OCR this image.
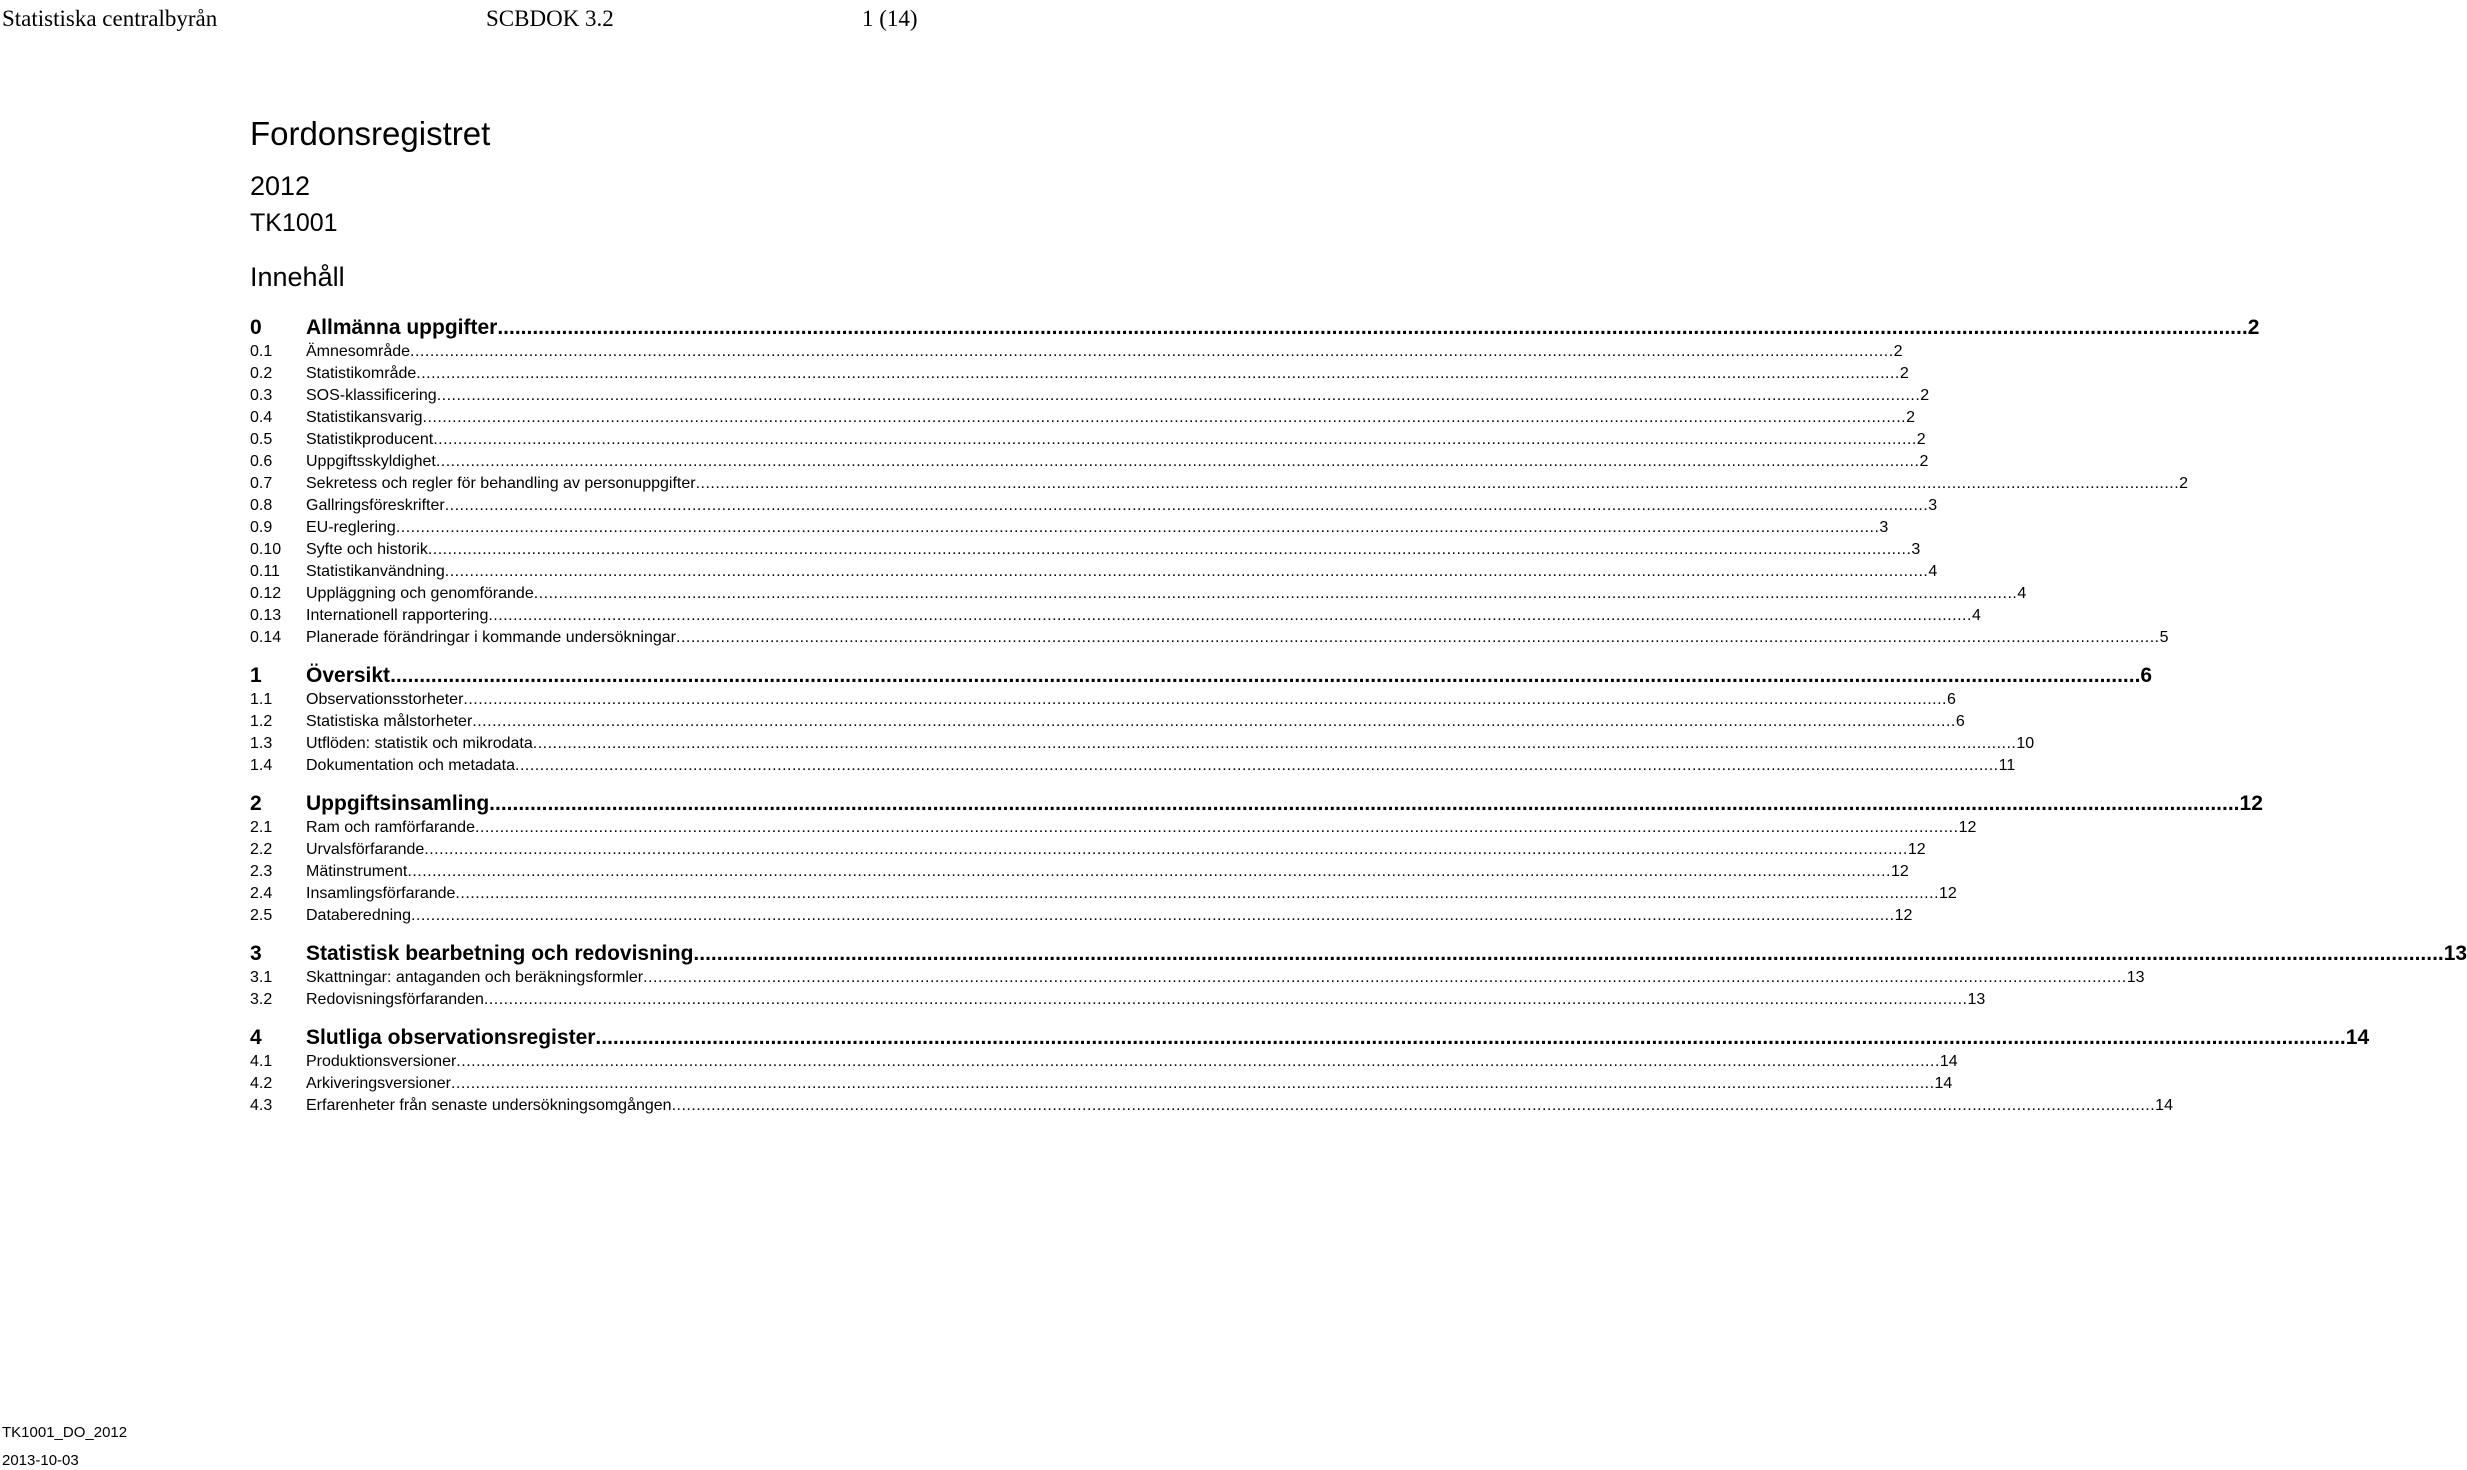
Statistiska centralbyrån	SCBDOK 3.2	1 (14)
Fordonsregistret
2012
TK1001
Innehåll
0	Allmänna uppgifter ............................................................................................................................................................................................................................................................................................................ 2
0.1	Ämnesområde ............................................................................................................................................................................................................................................................................................................ 2
0.2	Statistikområde ............................................................................................................................................................................................................................................................................................................ 2
0.3	SOS-klassificering ............................................................................................................................................................................................................................................................................................................ 2
0.4	Statistikansvarig ............................................................................................................................................................................................................................................................................................................ 2
0.5	Statistikproducent ............................................................................................................................................................................................................................................................................................................ 2
0.6	Uppgiftsskyldighet ............................................................................................................................................................................................................................................................................................................ 2
0.7	Sekretess och regler för behandling av personuppgifter ............................................................................................................................................................................................................................................................................................................ 2
0.8	Gallringsföreskrifter ............................................................................................................................................................................................................................................................................................................ 3
0.9	EU-reglering ............................................................................................................................................................................................................................................................................................................ 3
0.10	Syfte och historik ............................................................................................................................................................................................................................................................................................................ 3
0.11	Statistikanvändning ............................................................................................................................................................................................................................................................................................................ 4
0.12	Uppläggning och genomförande ............................................................................................................................................................................................................................................................................................................ 4
0.13	Internationell rapportering ............................................................................................................................................................................................................................................................................................................ 4
0.14	Planerade förändringar i kommande undersökningar ............................................................................................................................................................................................................................................................................................................ 5
1	Översikt ............................................................................................................................................................................................................................................................................................................ 6
1.1	Observationsstorheter ............................................................................................................................................................................................................................................................................................................ 6
1.2	Statistiska målstorheter ............................................................................................................................................................................................................................................................................................................ 6
1.3	Utflöden: statistik och mikrodata ............................................................................................................................................................................................................................................................................................................ 10
1.4	Dokumentation och metadata ............................................................................................................................................................................................................................................................................................................ 11
2	Uppgiftsinsamling ............................................................................................................................................................................................................................................................................................................ 12
2.1	Ram och ramförfarande ............................................................................................................................................................................................................................................................................................................ 12
2.2	Urvalsförfarande ............................................................................................................................................................................................................................................................................................................ 12
2.3	Mätinstrument ............................................................................................................................................................................................................................................................................................................ 12
2.4	Insamlingsförfarande ............................................................................................................................................................................................................................................................................................................ 12
2.5	Databeredning ............................................................................................................................................................................................................................................................................................................ 12
3	Statistisk bearbetning och redovisning ............................................................................................................................................................................................................................................................................................................ 13
3.1	Skattningar: antaganden och beräkningsformler ............................................................................................................................................................................................................................................................................................................ 13
3.2	Redovisningsförfaranden ............................................................................................................................................................................................................................................................................................................ 13
4	Slutliga observationsregister ............................................................................................................................................................................................................................................................................................................ 14
4.1	Produktionsversioner ............................................................................................................................................................................................................................................................................................................ 14
4.2	Arkiveringsversioner ............................................................................................................................................................................................................................................................................................................ 14
4.3	Erfarenheter från senaste undersökningsomgången ............................................................................................................................................................................................................................................................................................................ 14
TK1001_DO_2012
2013-10-03
